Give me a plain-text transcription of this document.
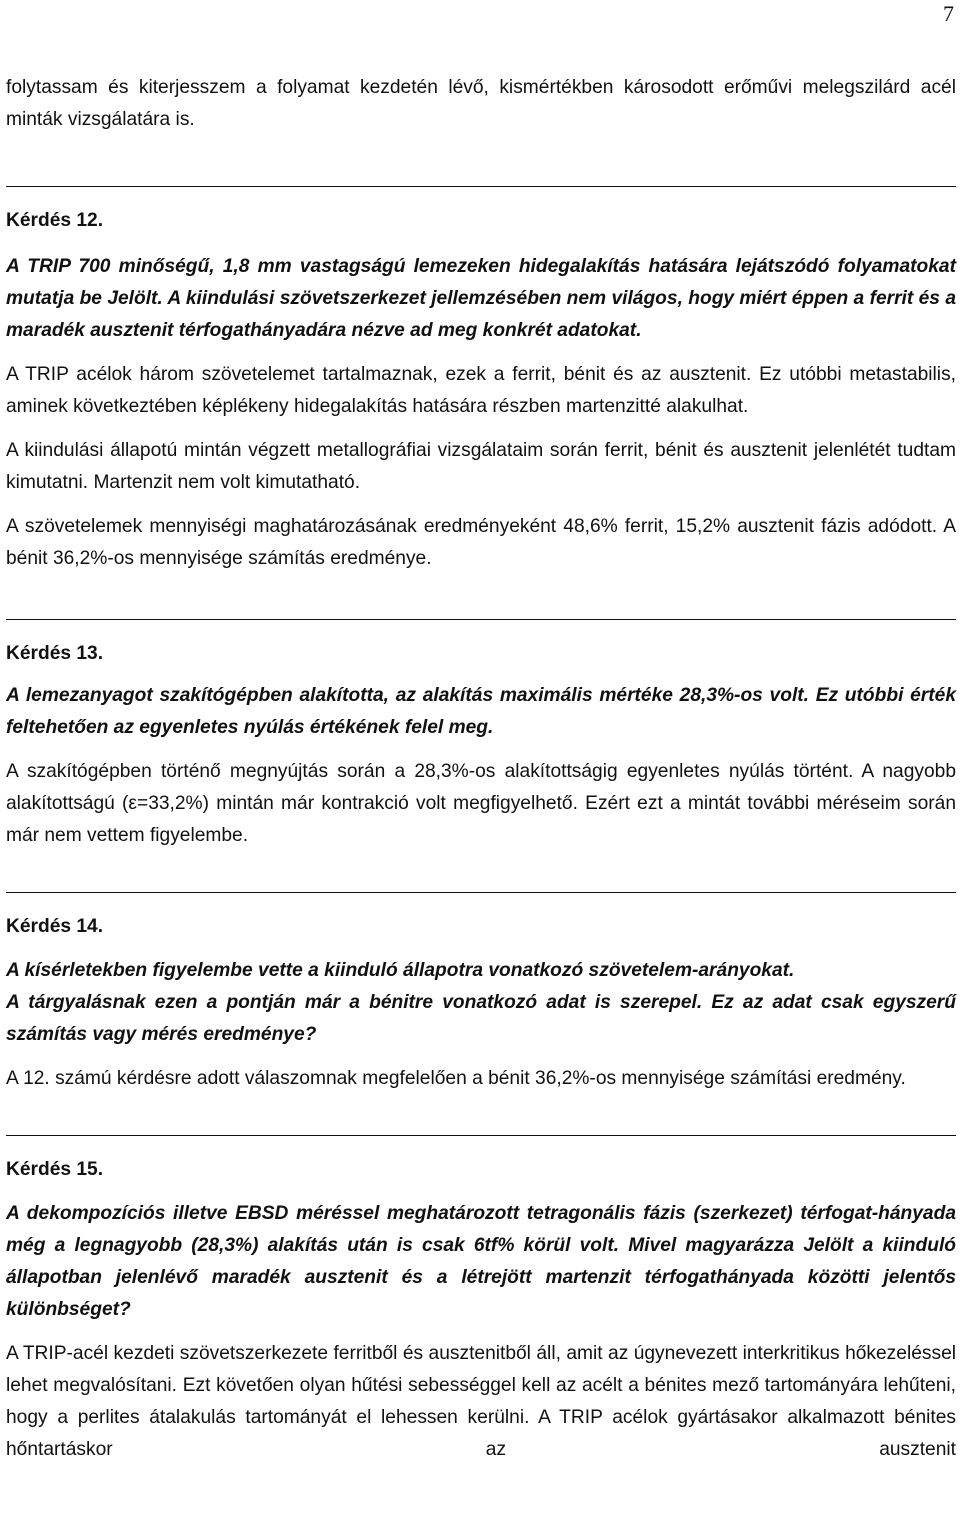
7

folytassam és kiterjesszem a folyamat kezdetén lévő, kismértékben károsodott erőművi melegszilárd acél minták vizsgálatára is.

Kérdés 12.

A TRIP 700 minőségű, 1,8 mm vastagságú lemezeken hidegalakítás hatására lejátszódó folyamatokat mutatja be Jelölt. A kiindulási szövetszerkezet jellemzésében nem világos, hogy miért éppen a ferrit és a maradék ausztenit térfogathányadára nézve ad meg konkrét adatokat.

A TRIP acélok három szövetelemet tartalmaznak, ezek a ferrit, bénit és az ausztenit. Ez utóbbi metastabilis, aminek következtében képlékeny hidegalakítás hatására részben martenzitté alakulhat.

A kiindulási állapotú mintán végzett metallográfiai vizsgálataim során ferrit, bénit és ausztenit jelenlétét tudtam kimutatni. Martenzit nem volt kimutatható.

A szövetelemek mennyiségi maghatározásának eredményeként 48,6% ferrit, 15,2% ausztenit fázis adódott. A bénit 36,2%-os mennyisége számítás eredménye.

Kérdés 13.

A lemezanyagot szakítógépben alakította, az alakítás maximális mértéke 28,3%-os volt. Ez utóbbi érték feltehetően az egyenletes nyúlás értékének felel meg.

A szakítógépben történő megnyújtás során a 28,3%-os alakítottságig egyenletes nyúlás történt. A nagyobb alakítottságú (ε=33,2%) mintán már kontrakció volt megfigyelhető. Ezért ezt a mintát további méréseim során már nem vettem figyelembe.

Kérdés 14.

A kísérletekben figyelembe vette a kiinduló állapotra vonatkozó szövetelem-arányokat.

A tárgyalásnak ezen a pontján már a bénitre vonatkozó adat is szerepel. Ez az adat csak egyszerű számítás vagy mérés eredménye?

A 12. számú kérdésre adott válaszomnak megfelelően a bénit 36,2%-os mennyisége számítási eredmény.

Kérdés 15.

A dekompozíciós illetve EBSD méréssel meghatározott tetragonális fázis (szerkezet) térfogat-hányada még a legnagyobb (28,3%) alakítás után is csak 6tf% körül volt. Mivel magyarázza Jelölt a kiinduló állapotban jelenlévő maradék ausztenit és a létrejött martenzit térfogathányada közötti jelentős különbséget?

A TRIP-acél kezdeti szövetszerkezete ferritből és ausztenitből áll, amit az úgynevezett interkritikus hőkezeléssel lehet megvalósítani. Ezt követően olyan hűtési sebességgel kell az acélt a bénites mező tartományára lehűteni, hogy a perlites átalakulás tartományát el lehessen kerülni. A TRIP acélok gyártásakor alkalmazott bénites hőntartáskor az ausztenit
